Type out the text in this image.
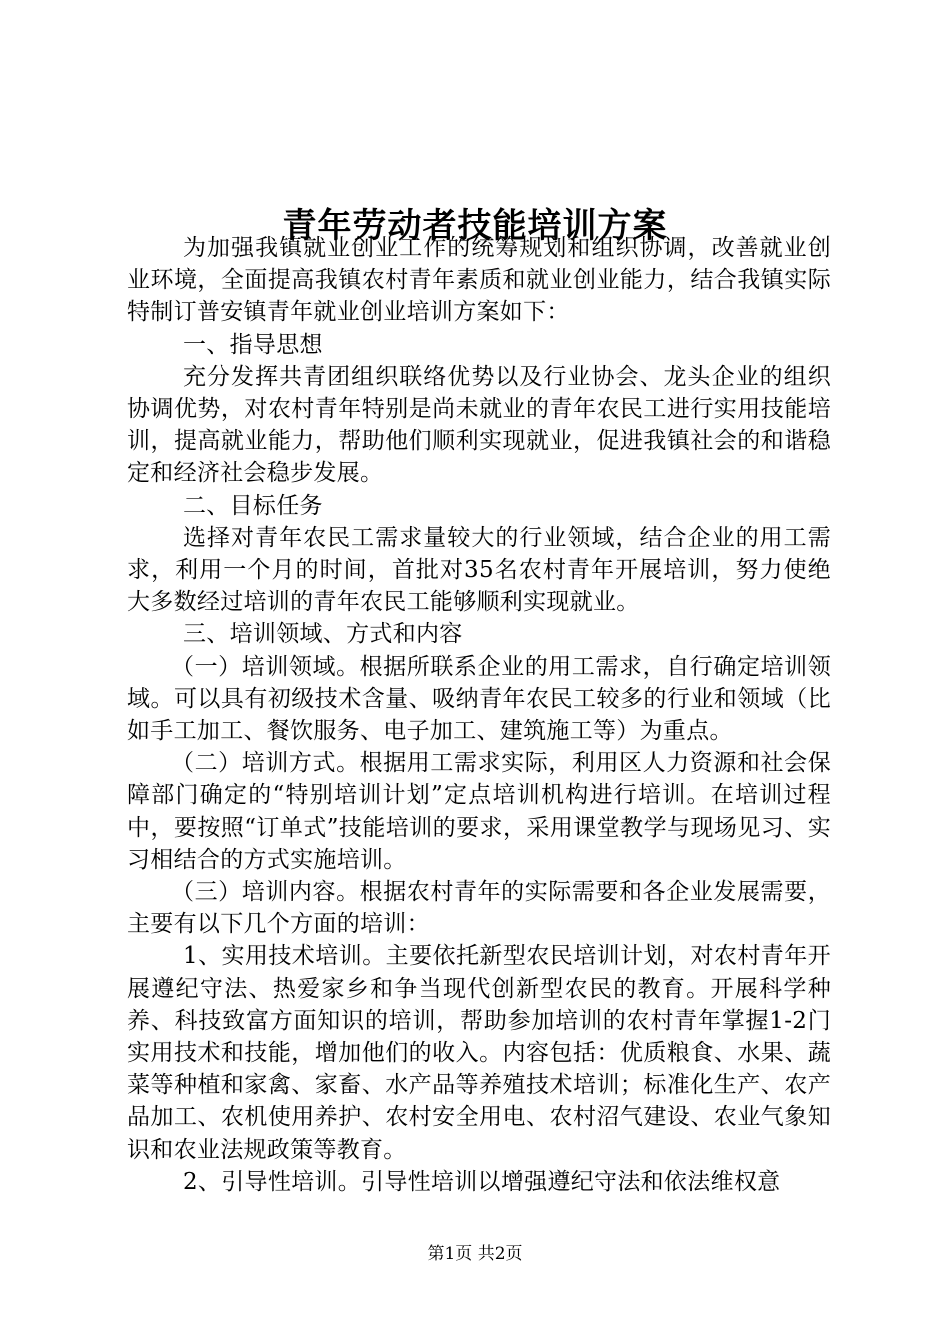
青年劳动者技能培训方案

为加强我镇就业创业工作的统筹规划和组织协调，改善就业创业环境，全面提高我镇农村青年素质和就业创业能力，结合我镇实际特制订普安镇青年就业创业培训方案如下：

一、指导思想

充分发挥共青团组织联络优势以及行业协会、龙头企业的组织协调优势，对农村青年特别是尚未就业的青年农民工进行实用技能培训，提高就业能力，帮助他们顺利实现就业，促进我镇社会的和谐稳定和经济社会稳步发展。

二、目标任务

选择对青年农民工需求量较大的行业领域，结合企业的用工需求，利用一个月的时间，首批对35名农村青年开展培训，努力使绝大多数经过培训的青年农民工能够顺利实现就业。

三、培训领域、方式和内容

（一）培训领域。根据所联系企业的用工需求，自行确定培训领域。可以具有初级技术含量、吸纳青年农民工较多的行业和领域（比如手工加工、餐饮服务、电子加工、建筑施工等）为重点。

（二）培训方式。根据用工需求实际，利用区人力资源和社会保障部门确定的“特别培训计划”定点培训机构进行培训。在培训过程中，要按照“订单式”技能培训的要求，采用课堂教学与现场见习、实习相结合的方式实施培训。

（三）培训内容。根据农村青年的实际需要和各企业发展需要，主要有以下几个方面的培训：

1、实用技术培训。主要依托新型农民培训计划，对农村青年开展遵纪守法、热爱家乡和争当现代创新型农民的教育。开展科学种养、科技致富方面知识的培训，帮助参加培训的农村青年掌握1-2门实用技术和技能，增加他们的收入。内容包括：优质粮食、水果、蔬菜等种植和家禽、家畜、水产品等养殖技术培训；标准化生产、农产品加工、农机使用养护、农村安全用电、农村沼气建设、农业气象知识和农业法规政策等教育。

2、引导性培训。引导性培训以增强遵纪守法和依法维权意

第1页 共2页
